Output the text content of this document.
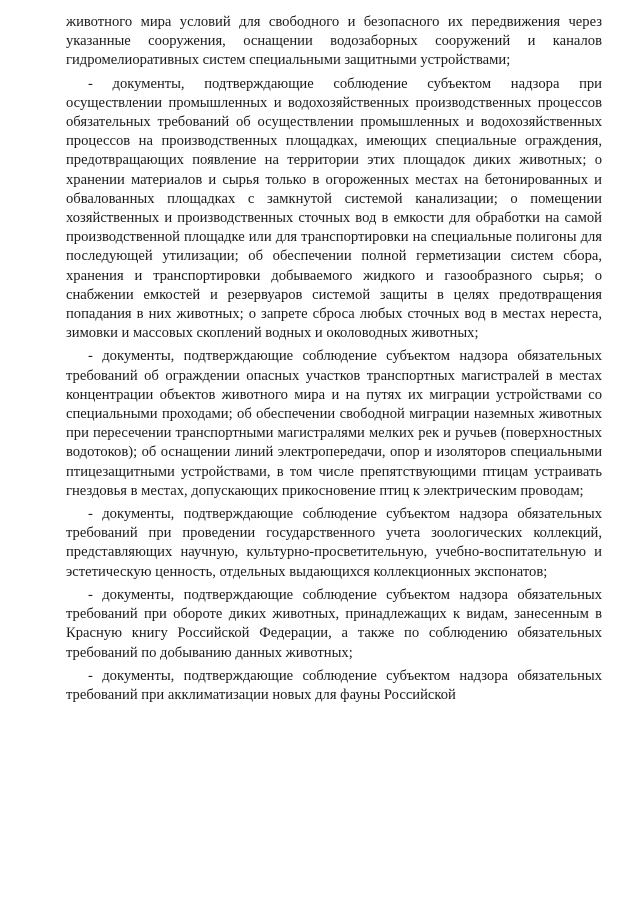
животного мира условий для свободного и безопасного их передвижения через указанные сооружения, оснащении водозаборных сооружений и каналов гидромелиоративных систем специальными защитными устройствами;

- документы, подтверждающие соблюдение субъектом надзора при осуществлении промышленных и водохозяйственных производственных процессов обязательных требований об осуществлении промышленных и водохозяйственных процессов на производственных площадках, имеющих специальные ограждения, предотвращающих появление на территории этих площадок диких животных; о хранении материалов и сырья только в огороженных местах на бетонированных и обвалованных площадках с замкнутой системой канализации; о помещении хозяйственных и производственных сточных вод в емкости для обработки на самой производственной площадке или для транспортировки на специальные полигоны для последующей утилизации; об обеспечении полной герметизации систем сбора, хранения и транспортировки добываемого жидкого и газообразного сырья; о снабжении емкостей и резервуаров системой защиты в целях предотвращения попадания в них животных; о запрете сброса любых сточных вод в местах нереста, зимовки и массовых скоплений водных и околоводных животных;

- документы, подтверждающие соблюдение субъектом надзора обязательных требований об ограждении опасных участков транспортных магистралей в местах концентрации объектов животного мира и на путях их миграции устройствами со специальными проходами; об обеспечении свободной миграции наземных животных при пересечении транспортными магистралями мелких рек и ручьев (поверхностных водотоков); об оснащении линий электропередачи, опор и изоляторов специальными птицезащитными устройствами, в том числе препятствующими птицам устраивать гнездовья в местах, допускающих прикосновение птиц к электрическим проводам;

- документы, подтверждающие соблюдение субъектом надзора обязательных требований при проведении государственного учета зоологических коллекций, представляющих научную, культурно-просветительную, учебно-воспитательную и эстетическую ценность, отдельных выдающихся коллекционных экспонатов;

- документы, подтверждающие соблюдение субъектом надзора обязательных требований при обороте диких животных, принадлежащих к видам, занесенным в Красную книгу Российской Федерации, а также по соблюдению обязательных требований по добыванию данных животных;

- документы, подтверждающие соблюдение субъектом надзора обязательных требований при акклиматизации новых для фауны Российской
